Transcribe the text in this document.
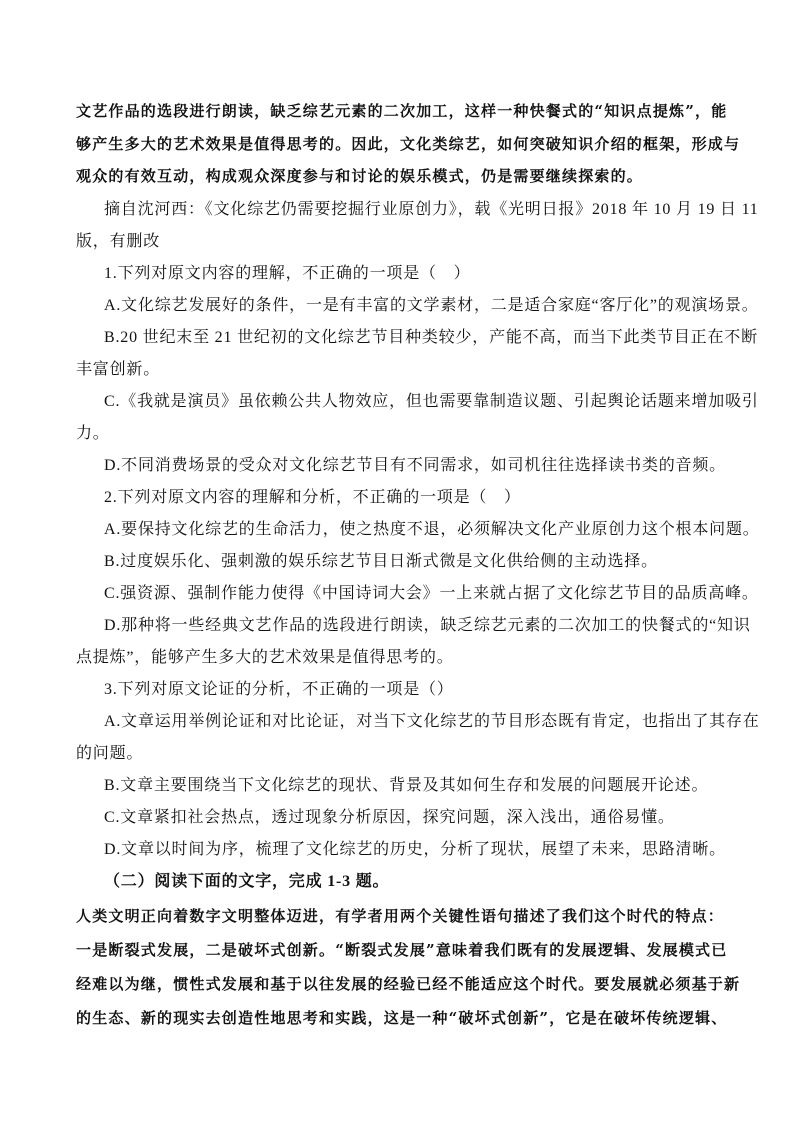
文艺作品的选段进行朗读，缺乏综艺元素的二次加工，这样一种快餐式的“知识点提炼”，能
够产生多大的艺术效果是值得思考的。因此，文化类综艺，如何突破知识介绍的框架，形成与
观众的有效互动，构成观众深度参与和讨论的娱乐模式，仍是需要继续探索的。
摘自沈河西：《文化综艺仍需要挖掘行业原创力》，载《光明日报》2018 年 10 月 19 日 11
版，有删改
1.下列对原文内容的理解，不正确的一项是（　）
A.文化综艺发展好的条件，一是有丰富的文学素材，二是适合家庭“客厅化”的观演场景。
B.20 世纪末至 21 世纪初的文化综艺节目种类较少，产能不高，而当下此类节目正在不断
丰富创新。
C.《我就是演员》虽依赖公共人物效应，但也需要靠制造议题、引起舆论话题来增加吸引
力。
D.不同消费场景的受众对文化综艺节目有不同需求，如司机往往选择读书类的音频。
2.下列对原文内容的理解和分析，不正确的一项是（　）
A.要保持文化综艺的生命活力，使之热度不退，必须解决文化产业原创力这个根本问题。
B.过度娱乐化、强刺激的娱乐综艺节目日渐式微是文化供给侧的主动选择。
C.强资源、强制作能力使得《中国诗词大会》一上来就占据了文化综艺节目的品质高峰。
D.那种将一些经典文艺作品的选段进行朗读，缺乏综艺元素的二次加工的快餐式的“知识
点提炼”，能够产生多大的艺术效果是值得思考的。
3.下列对原文论证的分析，不正确的一项是（）
A.文章运用举例论证和对比论证，对当下文化综艺的节目形态既有肯定，也指出了其存在
的问题。
B.文章主要围绕当下文化综艺的现状、背景及其如何生存和发展的问题展开论述。
C.文章紧扣社会热点，透过现象分析原因，探究问题，深入浅出，通俗易懂。
D.文章以时间为序，梳理了文化综艺的历史，分析了现状，展望了未来，思路清晰。
（二）阅读下面的文字，完成 1-3 题。
人类文明正向着数字文明整体迈进，有学者用两个关键性语句描述了我们这个时代的特点：
一是断裂式发展，二是破坏式创新。“断裂式发展”意味着我们既有的发展逻辑、发展模式已
经难以为继，惯性式发展和基于以往发展的经验已经不能适应这个时代。要发展就必须基于新
的生态、新的现实去创造性地思考和实践，这是一种“破坏式创新”，它是在破坏传统逻辑、
